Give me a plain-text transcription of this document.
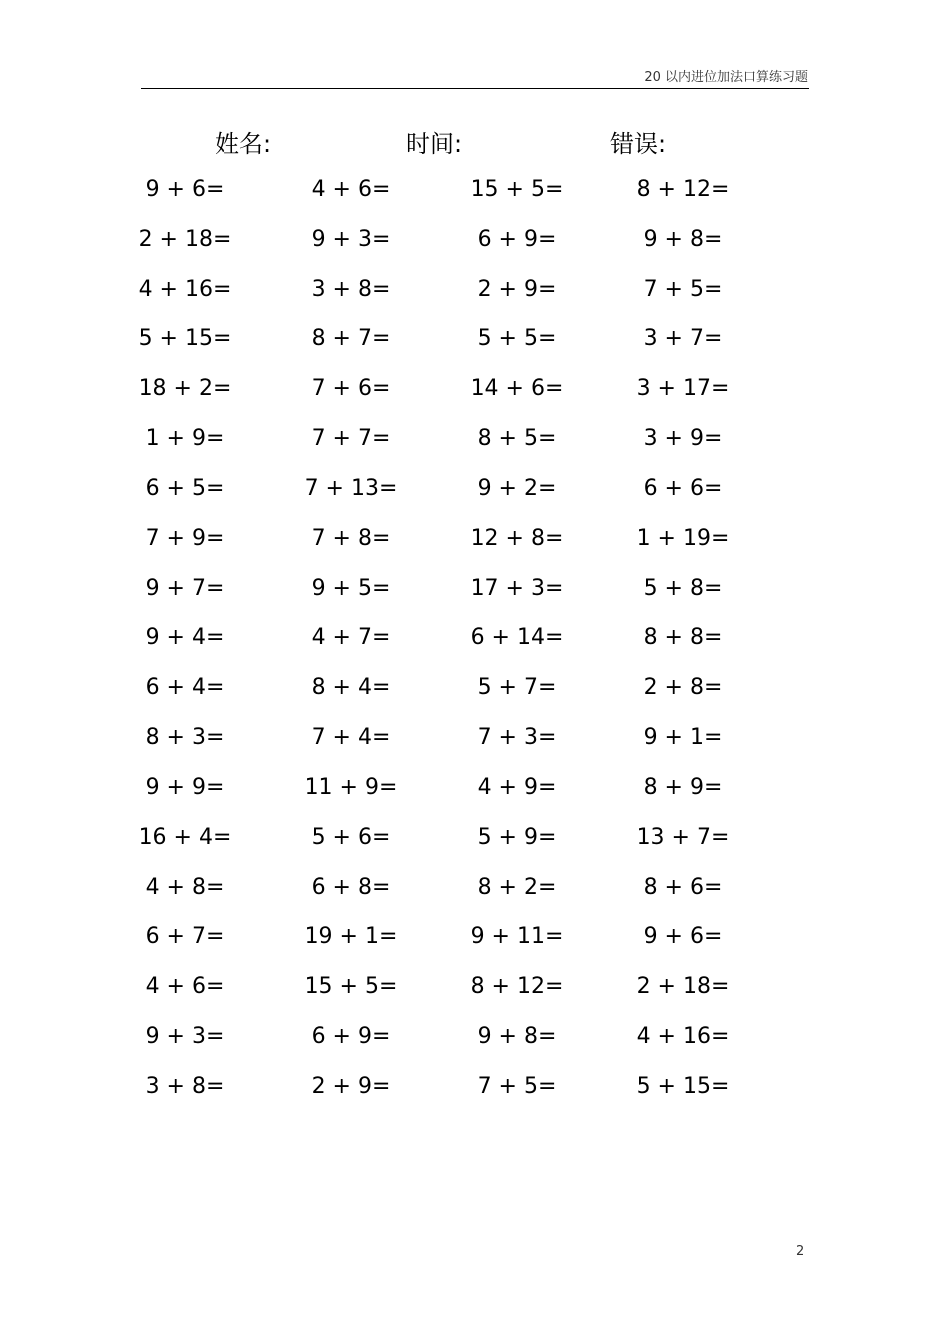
20 以内进位加法口算练习题
姓名:	时间:	错误:
9 + 6=	4 + 6=	15 + 5=	8 + 12=
2 + 18=	9 + 3=	6 + 9=	9 + 8=
4 + 16=	3 + 8=	2 + 9=	7 + 5=
5 + 15=	8 + 7=	5 + 5=	3 + 7=
18 + 2=	7 + 6=	14 + 6=	3 + 17=
1 + 9=	7 + 7=	8 + 5=	3 + 9=
6 + 5=	7 + 13=	9 + 2=	6 + 6=
7 + 9=	7 + 8=	12 + 8=	1 + 19=
9 + 7=	9 + 5=	17 + 3=	5 + 8=
9 + 4=	4 + 7=	6 + 14=	8 + 8=
6 + 4=	8 + 4=	5 + 7=	2 + 8=
8 + 3=	7 + 4=	7 + 3=	9 + 1=
9 + 9=	11 + 9=	4 + 9=	8 + 9=
16 + 4=	5 + 6=	5 + 9=	13 + 7=
4 + 8=	6 + 8=	8 + 2=	8 + 6=
6 + 7=	19 + 1=	9 + 11=	9 + 6=
4 + 6=	15 + 5=	8 + 12=	2 + 18=
9 + 3=	6 + 9=	9 + 8=	4 + 16=
3 + 8=	2 + 9=	7 + 5=	5 + 15=
2
